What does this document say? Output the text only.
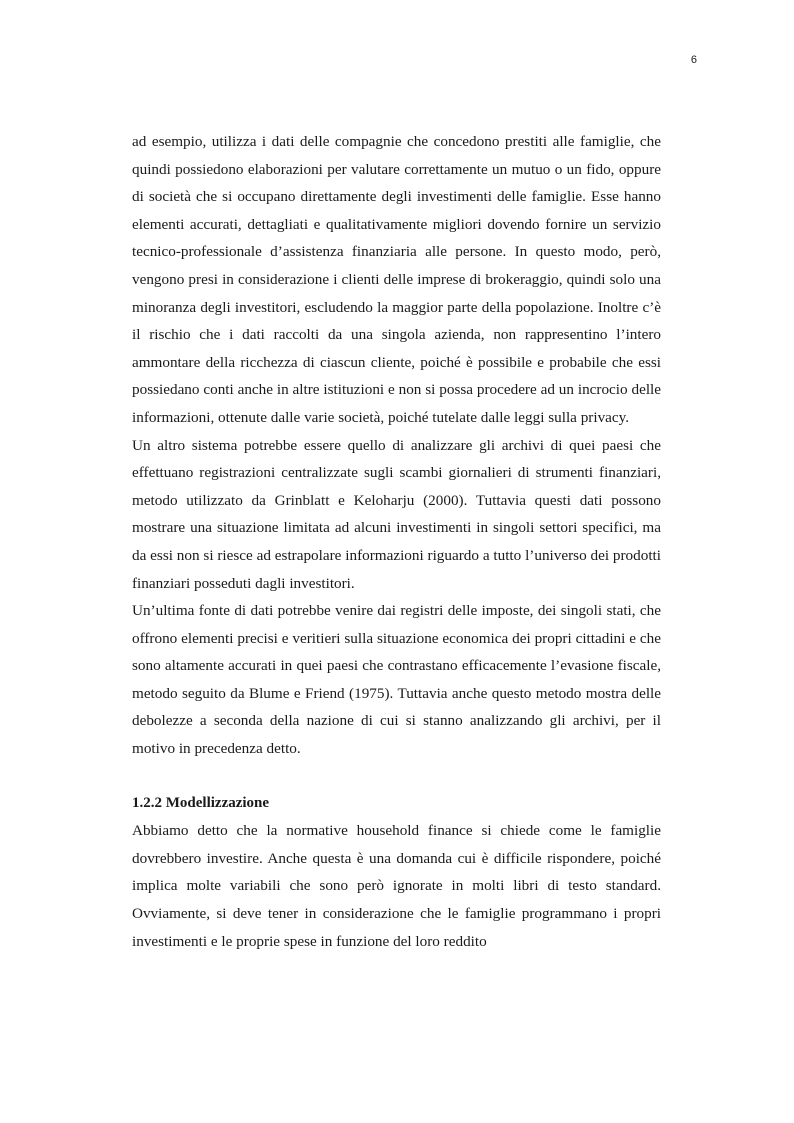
6

ad esempio, utilizza i dati delle compagnie che concedono prestiti alle famiglie, che quindi possiedono elaborazioni per valutare correttamente un mutuo o un fido, oppure di società che si occupano direttamente degli investimenti delle famiglie. Esse hanno elementi accurati, dettagliati e qualitativamente migliori dovendo fornire un servizio tecnico-professionale d’assistenza finanziaria alle persone. In questo modo, però, vengono presi in considerazione i clienti delle imprese di brokeraggio, quindi solo una minoranza degli investitori, escludendo la maggior parte della popolazione. Inoltre c’è il rischio che i dati raccolti da una singola azienda, non rappresentino l’intero ammontare della ricchezza di ciascun cliente, poiché è possibile e probabile che essi possiedano conti anche in altre istituzioni e non si possa procedere ad un incrocio delle informazioni, ottenute dalle varie società, poiché tutelate dalle leggi sulla privacy.

Un altro sistema potrebbe essere quello di analizzare gli archivi di quei paesi che effettuano registrazioni centralizzate sugli scambi giornalieri di strumenti finanziari, metodo utilizzato da Grinblatt e Keloharju (2000). Tuttavia questi dati possono mostrare una situazione limitata ad alcuni investimenti in singoli settori specifici, ma da essi non si riesce ad estrapolare informazioni riguardo a tutto l’universo dei prodotti finanziari posseduti dagli investitori.

Un’ultima fonte di dati potrebbe venire dai registri delle imposte, dei singoli stati, che offrono elementi precisi e veritieri sulla situazione economica dei propri cittadini e che sono altamente accurati in quei paesi che contrastano efficacemente l’evasione fiscale, metodo seguito da Blume e Friend (1975). Tuttavia anche questo metodo mostra delle debolezze a seconda della nazione di cui si stanno analizzando gli archivi, per il motivo in precedenza detto.

1.2.2 Modellizzazione

Abbiamo detto che la normative household finance si chiede come le famiglie dovrebbero investire. Anche questa è una domanda cui è difficile rispondere, poiché implica molte variabili che sono però ignorate in molti libri di testo standard. Ovviamente, si deve tener in considerazione che le famiglie programmano i propri investimenti e le proprie spese in funzione del loro reddito
